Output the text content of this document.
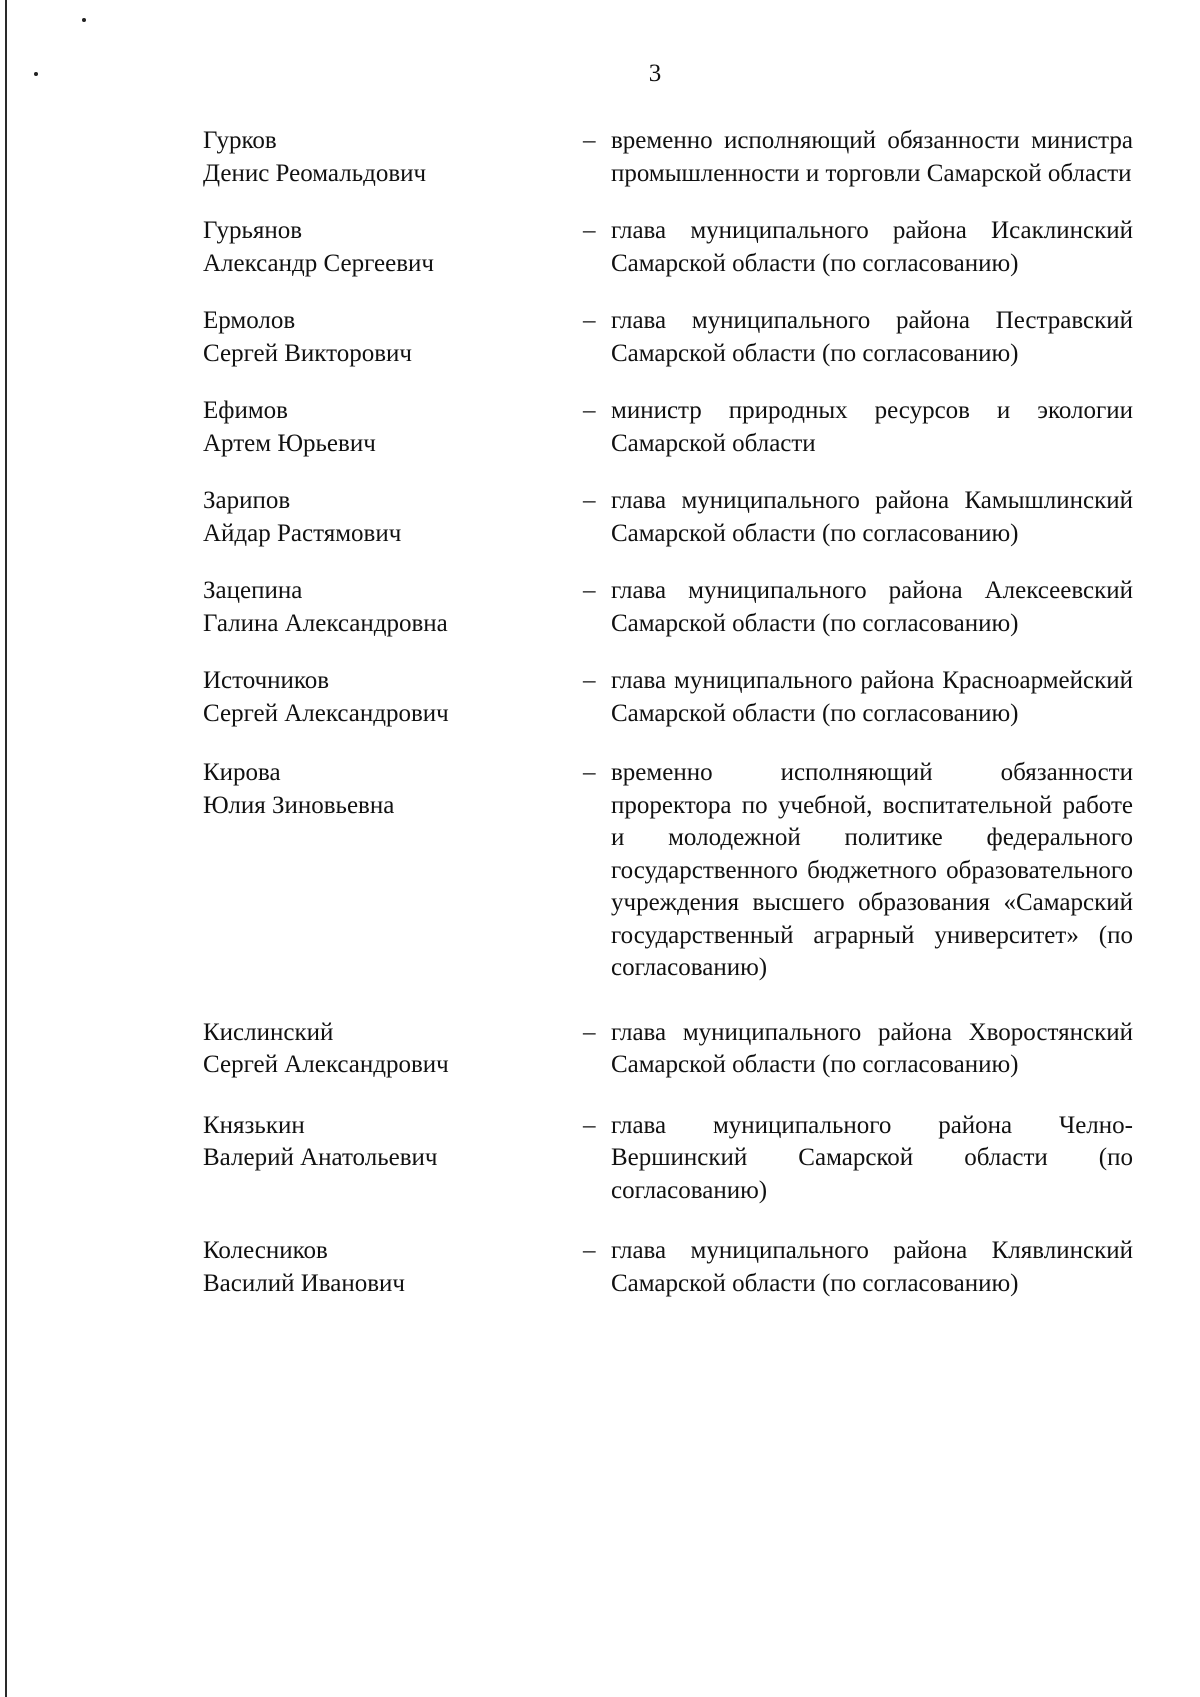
3
Гурков
Денис Реомальдович
– временно исполняющий обязанности министра промышленности и торговли Самарской области
Гурьянов
Александр Сергеевич
– глава муниципального района Исаклинский Самарской области (по согласованию)
Ермолов
Сергей Викторович
– глава муниципального района Пестравский Самарской области (по согласованию)
Ефимов
Артем Юрьевич
– министр природных ресурсов и экологии Самарской области
Зарипов
Айдар Растямович
– глава муниципального района Камышлинский Самарской области (по согласованию)
Зацепина
Галина Александровна
– глава муниципального района Алексеевский Самарской области (по согласованию)
Источников
Сергей Александрович
– глава муниципального района Красноармейский Самарской области (по согласованию)
Кирова
Юлия Зиновьевна
– временно исполняющий обязанности проректора по учебной, воспитательной работе и молодежной политике федерального государственного бюджетного образовательного учреждения высшего образования «Самарский государственный аграрный университет» (по согласованию)
Кислинский
Сергей Александрович
– глава муниципального района Хворостянский Самарской области (по согласованию)
Князькин
Валерий Анатольевич
– глава муниципального района Челно-Вершинский Самарской области (по согласованию)
Колесников
Василий Иванович
– глава муниципального района Клявлинский Самарской области (по согласованию)
